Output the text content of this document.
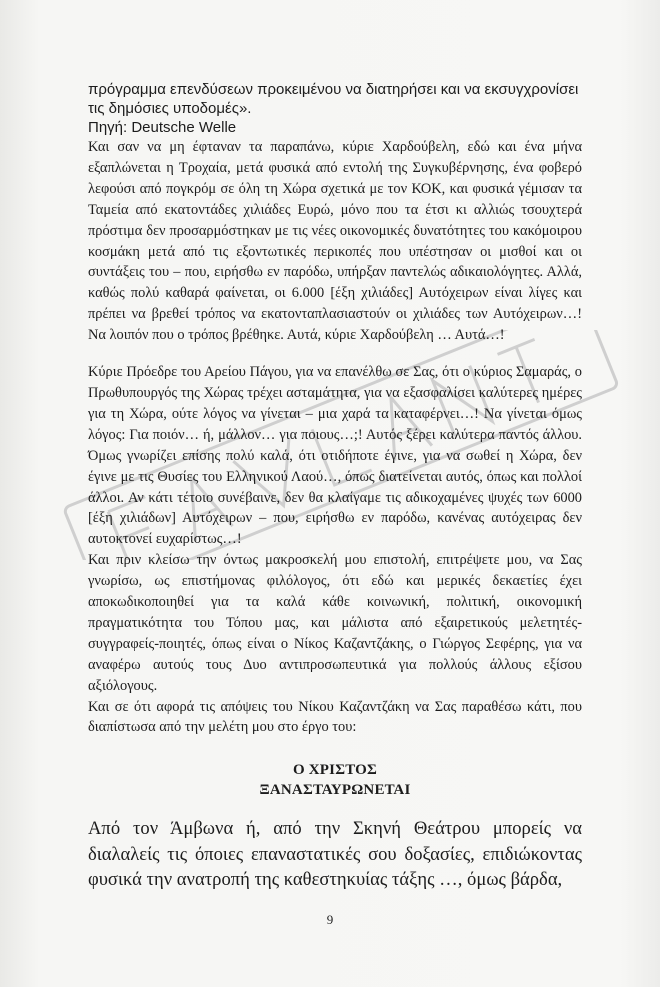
πρόγραμμα επενδύσεων προκειμένου να διατηρήσει και να εκσυγχρονίσει τις δημόσιες υποδομές».

Πηγή: Deutsche Welle

Και σαν να μη έφταναν τα παραπάνω, κύριε Χαρδούβελη, εδώ και ένα μήνα εξαπλώνεται η Τροχαία, μετά φυσικά από εντολή της Συγκυβέρνησης, ένα φοβερό λεφούσι από πογκρόμ σε όλη τη Χώρα σχετικά με τον ΚΟΚ, και φυσικά γέμισαν τα Ταμεία από εκατοντάδες χιλιάδες Ευρώ, μόνο που τα έτσι κι αλλιώς τσουχτερά πρόστιμα δεν προσαρμόστηκαν με τις νέες οικονομικές δυνατότητες του κακόμοιρου κοσμάκη μετά από τις εξοντωτικές περικοπές που υπέστησαν οι μισθοί και οι συντάξεις του – που, ειρήσθω εν παρόδω, υπήρξαν παντελώς αδικαιολόγητες. Αλλά, καθώς πολύ καθαρά φαίνεται, οι 6.000 [έξη χιλιάδες] Αυτόχειρων είναι λίγες και πρέπει να βρεθεί τρόπος να εκατονταπλασιαστούν οι χιλιάδες των Αυτόχειρων…! Να λοιπόν που ο τρόπος βρέθηκε. Αυτά, κύριε Χαρδούβελη … Αυτά…!

Κύριε Πρόεδρε του Αρείου Πάγου, για να επανέλθω σε Σας, ότι ο κύριος Σαμαράς, ο Πρωθυπουργός της Χώρας τρέχει ασταμάτητα, για να εξασφαλίσει καλύτερες ημέρες για τη Χώρα, ούτε λόγος να γίνεται – μια χαρά τα καταφέρνει…! Να γίνεται όμως λόγος: Για ποιόν… ή, μάλλον… για ποιους…;! Αυτός ξέρει καλύτερα παντός άλλου. Όμως γνωρίζει επίσης πολύ καλά, ότι οτιδήποτε έγινε, για να σωθεί η Χώρα, δεν έγινε με τις Θυσίες του Ελληνικού Λαού…, όπως διατείνεται αυτός, όπως και πολλοί άλλοι. Αν κάτι τέτοιο συνέβαινε, δεν θα κλαίγαμε τις αδικοχαμένες ψυχές των 6000 [έξη χιλιάδων] Αυτόχειρων – που, ειρήσθω εν παρόδω, κανένας αυτόχειρας δεν αυτοκτονεί ευχαρίστως…!

Και πριν κλείσω την όντως μακροσκελή μου επιστολή, επιτρέψετε μου, να Σας γνωρίσω, ως επιστήμονας φιλόλογος, ότι εδώ και μερικές δεκαετίες έχει αποκωδικοποιηθεί για τα καλά κάθε κοινωνική, πολιτική, οικονομική πραγματικότητα του Τόπου μας, και μάλιστα από εξαιρετικούς μελετητές-συγγραφείς-ποιητές, όπως είναι ο Νίκος Καζαντζάκης, ο Γιώργος Σεφέρης, για να αναφέρω αυτούς τους Δυο αντιπροσωπευτικά για πολλούς άλλους εξίσου αξιόλογους.

Και σε ότι αφορά τις απόψεις του Νίκου Καζαντζάκη να Σας παραθέσω κάτι, που διαπίστωσα από την μελέτη μου στο έργο του:

Ο ΧΡΙΣΤΟΣ
ΞΑΝΑΣΤΑΥΡΩΝΕΤΑΙ

Από τον Άμβωνα ή, από την Σκηνή Θεάτρου μπορείς να διαλαλείς τις όποιες επαναστατικές σου δοξασίες, επιδιώκοντας φυσικά την ανατροπή της καθεστηκυίας τάξης …, όμως βάρδα,

9
